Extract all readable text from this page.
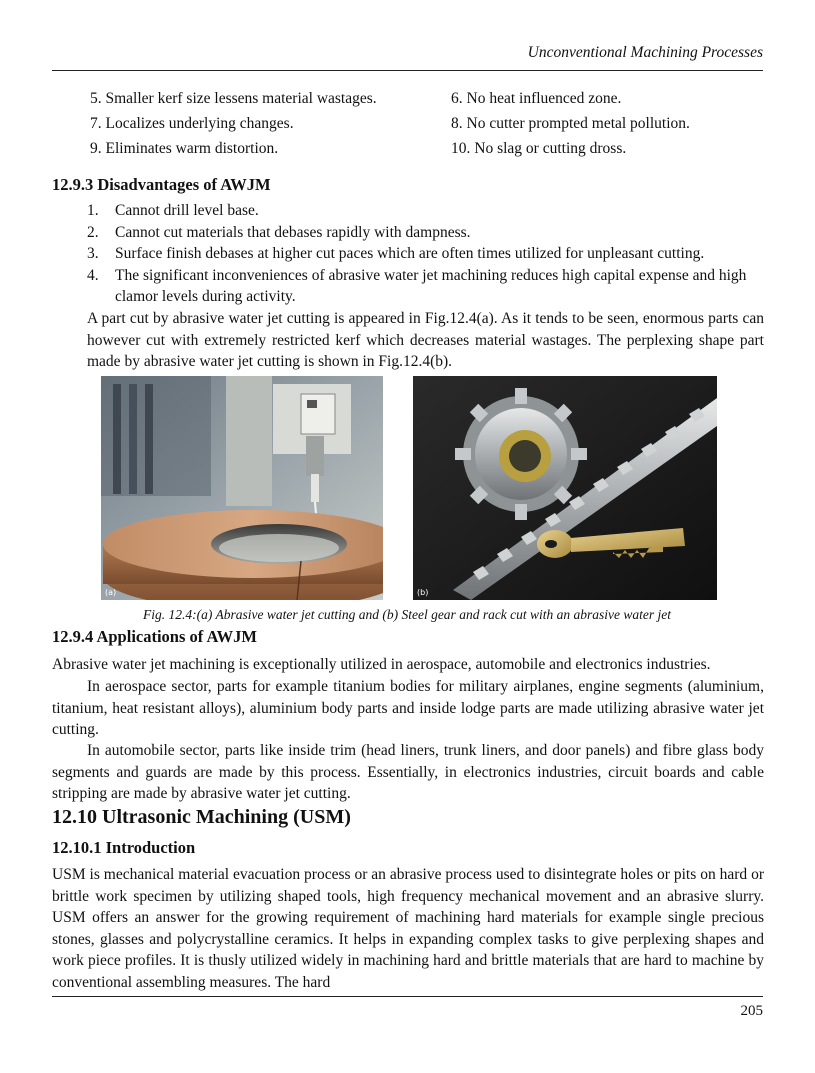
Unconventional Machining Processes
5. Smaller kerf size lessens material wastages.	6. No heat influenced zone.
7. Localizes underlying changes.	8. No cutter prompted metal pollution.
9. Eliminates warm distortion.	10. No slag or cutting dross.
12.9.3 Disadvantages of AWJM
1. Cannot drill level base.
2. Cannot cut materials that debases rapidly with dampness.
3. Surface finish debases at higher cut paces which are often times utilized for unpleasant cutting.
4. The significant inconveniences of abrasive water jet machining reduces high capital expense and high clamor levels during activity.
A part cut by abrasive water jet cutting is appeared in Fig.12.4(a). As it tends to be seen, enormous parts can however cut with extremely restricted kerf which decreases material wastages. The perplexing shape part made by abrasive water jet cutting is shown in Fig.12.4(b).
(a)	(b)
Fig. 12.4:(a) Abrasive water jet cutting and (b) Steel gear and rack cut with an abrasive water jet
12.9.4 Applications of AWJM
Abrasive water jet machining is exceptionally utilized in aerospace, automobile and electronics industries.
In aerospace sector, parts for example titanium bodies for military airplanes, engine segments (aluminium, titanium, heat resistant alloys), aluminium body parts and inside lodge parts are made utilizing abrasive water jet cutting.
In automobile sector, parts like inside trim (head liners, trunk liners, and door panels) and fibre glass body segments and guards are made by this process. Essentially, in electronics industries, circuit boards and cable stripping are made by abrasive water jet cutting.
12.10 Ultrasonic Machining (USM)
12.10.1 Introduction
USM is mechanical material evacuation process or an abrasive process used to disintegrate holes or pits on hard or brittle work specimen by utilizing shaped tools, high frequency mechanical movement and an abrasive slurry. USM offers an answer for the growing requirement of machining hard materials for example single precious stones, glasses and polycrystalline ceramics. It helps in expanding complex tasks to give perplexing shapes and work piece profiles. It is thusly utilized widely in machining hard and brittle materials that are hard to machine by conventional assembling measures. The hard
205
